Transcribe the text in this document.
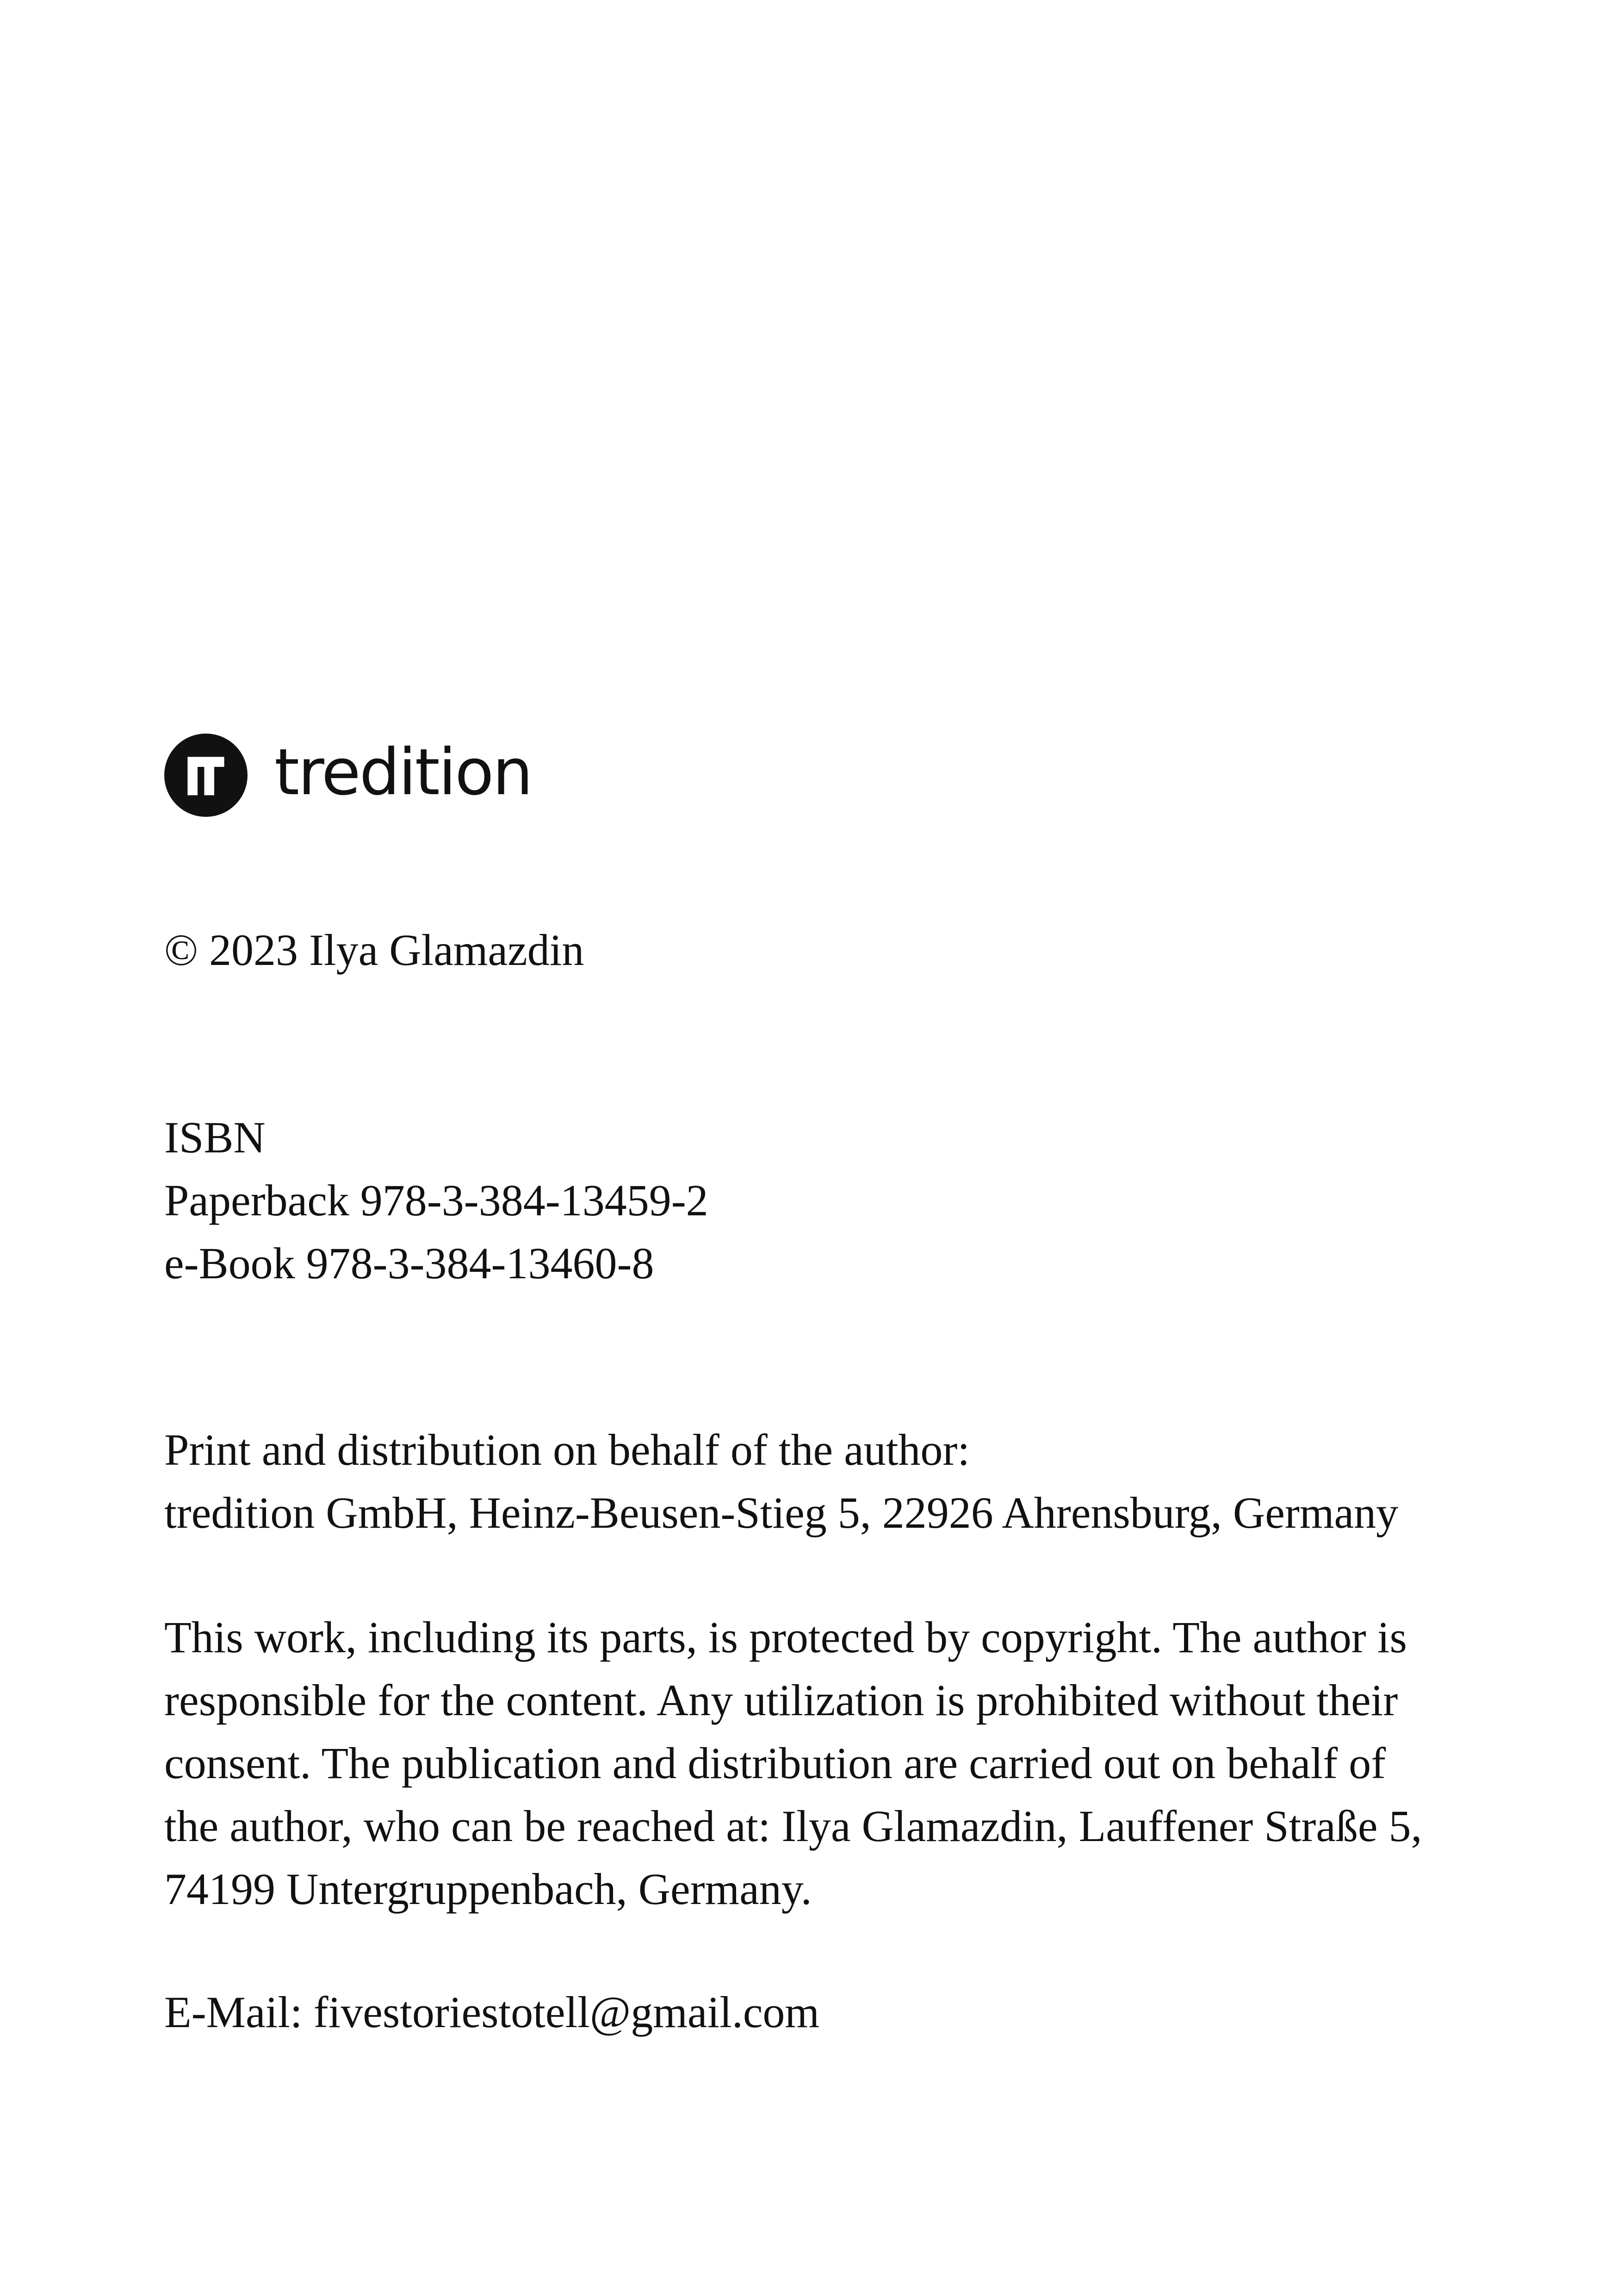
tredition
© 2023 Ilya Glamazdin
ISBN
Paperback 978-3-384-13459-2
e-Book 978-3-384-13460-8
Print and distribution on behalf of the author:
tredition GmbH, Heinz-Beusen-Stieg 5, 22926 Ahrensburg, Germany
This work, including its parts, is protected by copyright. The author is
responsible for the content. Any utilization is prohibited without their
consent. The publication and distribution are carried out on behalf of
the author, who can be reached at: Ilya Glamazdin, Lauffener Straße 5,
74199 Untergruppenbach, Germany.
E-Mail: fivestoriestotell@gmail.com
